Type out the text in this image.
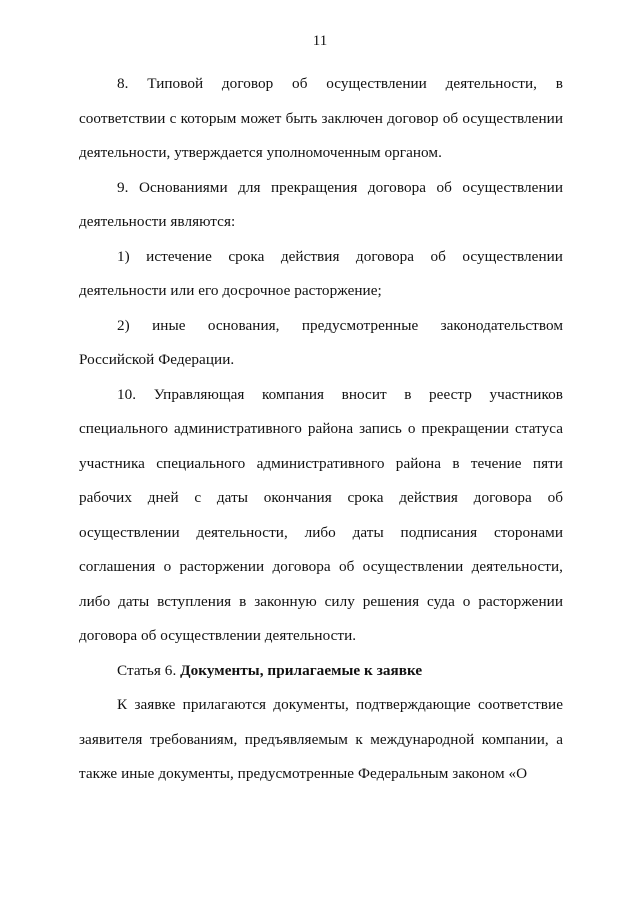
11

8. Типовой договор об осуществлении деятельности, в соответствии с которым может быть заключен договор об осуществлении деятельности, утверждается уполномоченным органом.

9. Основаниями для прекращения договора об осуществлении деятельности являются:

1) истечение срока действия договора об осуществлении деятельности или его досрочное расторжение;

2) иные основания, предусмотренные законодательством Российской Федерации.

10. Управляющая компания вносит в реестр участников специального административного района запись о прекращении статуса участника специального административного района в течение пяти рабочих дней с даты окончания срока действия договора об осуществлении деятельности, либо даты подписания сторонами соглашения о расторжении договора об осуществлении деятельности, либо даты вступления в законную силу решения суда о расторжении договора об осуществлении деятельности.

Статья 6. Документы, прилагаемые к заявке

К заявке прилагаются документы, подтверждающие соответствие заявителя требованиям, предъявляемым к международной компании, а также иные документы, предусмотренные Федеральным законом «О
